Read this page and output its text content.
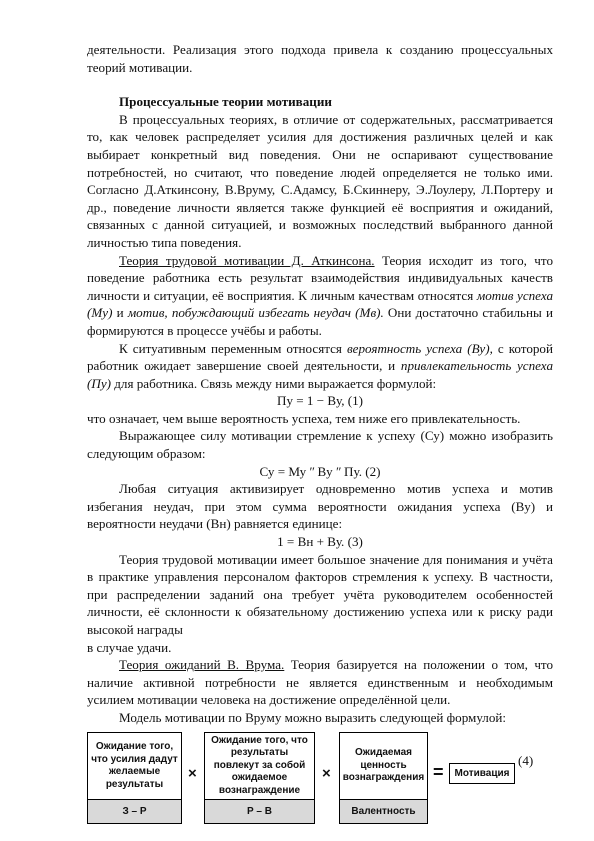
деятельности. Реализация этого подхода привела к созданию процессуальных теорий мотивации.

Процессуальные теории мотивации

В процессуальных теориях, в отличие от содержательных, рассматривается то, как человек распределяет усилия для достижения различных целей и как выбирает конкретный вид поведения. Они не оспаривают существование потребностей, но считают, что поведение людей определяется не только ими. Согласно Д.Аткинсону, В.Вруму, С.Адамсу, Б.Скиннеру, Э.Лоулеру, Л.Портеру и др., поведение личности является также функцией её восприятия и ожиданий, связанных с данной ситуацией, и возможных последствий выбранного данной личностью типа поведения.

Теория трудовой мотивации Д. Аткинсона. Теория исходит из того, что поведение работника есть результат взаимодействия индивидуальных качеств личности и ситуации, её восприятия. К личным качествам относятся мотив успеха (Му) и мотив, побуждающий избегать неудач (Мв). Они достаточно стабильны и формируются в процессе учёбы и работы.

К ситуативным переменным относятся вероятность успеха (Ву), с которой работник ожидает завершение своей деятельности, и привлекательность успеха (Пу) для работника. Связь между ними выражается формулой:

Пу = 1 − Ву, (1)

что означает, чем выше вероятность успеха, тем ниже его привлекательность.

Выражающее силу мотивации стремление к успеху (Су) можно изобразить следующим образом:

Су = Му ʺ Ву ʺ Пу. (2)

Любая ситуация активизирует одновременно мотив успеха и мотив избегания неудач, при этом сумма вероятности ожидания успеха (Ву) и вероятности неудачи (Вн) равняется единице:

1 = Вн + Ву. (3)

Теория трудовой мотивации имеет большое значение для понимания и учёта в практике управления персоналом факторов стремления к успеху. В частности, при распределении заданий она требует учёта руководителем особенностей личности, её склонности к обязательному достижению успеха или к риску ради высокой награды

в случае удачи.

Теория ожиданий В. Врума. Теория базируется на положении о том, что наличие активной потребности не является единственным и необходимым усилием мотивации человека на достижение определённой цели.

Модель мотивации по Вруму можно выразить следующей формулой:

Ожидание того, что усилия дадут желаемые результаты
З – Р
×
Ожидание того, что результаты повлекут за собой ожидаемое вознаграждение
Р – В
×
Ожидаемая ценность вознаграждения
Валентность
=	Мотивация
(4)
